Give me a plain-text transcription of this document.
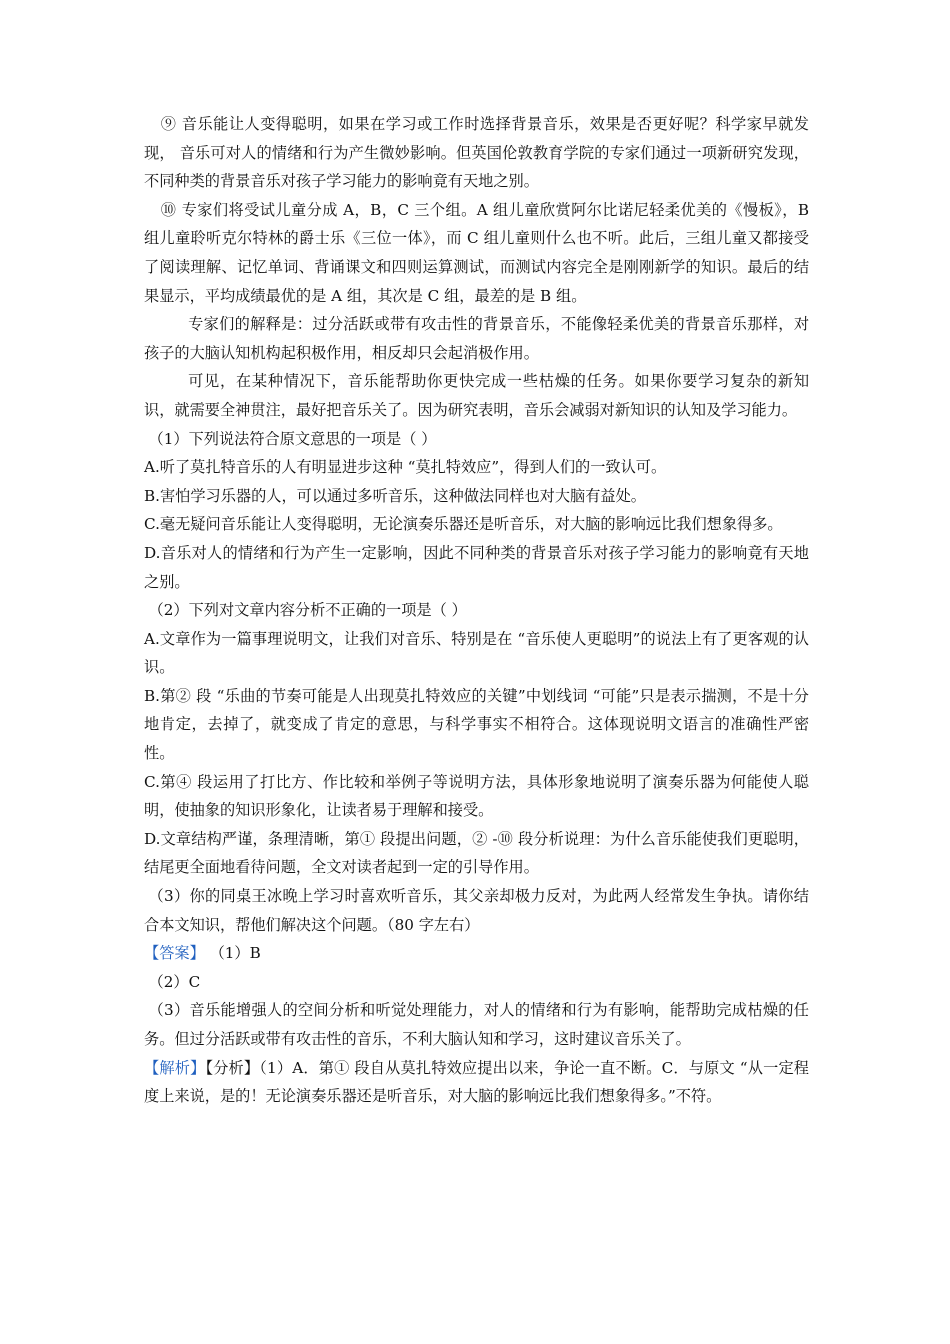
⑨ 音乐能让人变得聪明，如果在学习或工作时选择背景音乐，效果是否更好呢？科学家早就发现， 音乐可对人的情绪和行为产生微妙影响。但英国伦敦教育学院的专家们通过一项新研究发现，不同种类的背景音乐对孩子学习能力的影响竟有天地之别。

⑩ 专家们将受试儿童分成 A，B，C 三个组。A 组儿童欣赏阿尔比诺尼轻柔优美的《慢板》，B 组儿童聆听克尔特林的爵士乐《三位一体》，而 C 组儿童则什么也不听。此后，三组儿童又都接受了阅读理解、记忆单词、背诵课文和四则运算测试，而测试内容完全是刚刚新学的知识。最后的结果显示，平均成绩最优的是 A 组，其次是 C 组，最差的是 B 组。

专家们的解释是：过分活跃或带有攻击性的背景音乐，不能像轻柔优美的背景音乐那样，对孩子的大脑认知机构起积极作用，相反却只会起消极作用。

可见，在某种情况下，音乐能帮助你更快完成一些枯燥的任务。如果你要学习复杂的新知识，就需要全神贯注，最好把音乐关了。因为研究表明，音乐会减弱对新知识的认知及学习能力。

（1）下列说法符合原文意思的一项是（ ）

A.听了莫扎特音乐的人有明显进步这种 “莫扎特效应”，得到人们的一致认可。

B.害怕学习乐器的人，可以通过多听音乐，这种做法同样也对大脑有益处。

C.毫无疑问音乐能让人变得聪明，无论演奏乐器还是听音乐，对大脑的影响远比我们想象得多。

D.音乐对人的情绪和行为产生一定影响，因此不同种类的背景音乐对孩子学习能力的影响竟有天地之别。

（2）下列对文章内容分析不正确的一项是（ ）

A.文章作为一篇事理说明文，让我们对音乐、特别是在 “音乐使人更聪明”的说法上有了更客观的认识。

B.第② 段 “乐曲的节奏可能是人出现莫扎特效应的关键”中划线词 “可能”只是表示揣测，不是十分地肯定，去掉了，就变成了肯定的意思，与科学事实不相符合。这体现说明文语言的准确性严密性。

C.第④ 段运用了打比方、作比较和举例子等说明方法，具体形象地说明了演奏乐器为何能使人聪明，使抽象的知识形象化，让读者易于理解和接受。

D.文章结构严谨，条理清晰，第① 段提出问题，② -⑩ 段分析说理：为什么音乐能使我们更聪明，结尾更全面地看待问题，全文对读者起到一定的引导作用。

（3）你的同桌王冰晚上学习时喜欢听音乐，其父亲却极力反对，为此两人经常发生争执。请你结合本文知识，帮他们解决这个问题。（80 字左右）

【答案】 （1）B

（2）C

（3）音乐能增强人的空间分析和听觉处理能力，对人的情绪和行为有影响，能帮助完成枯燥的任务。但过分活跃或带有攻击性的音乐，不利大脑认知和学习，这时建议音乐关了。

【解析】【分析】（1）A．第① 段自从莫扎特效应提出以来，争论一直不断。C．与原文 “从一定程度上来说，是的！无论演奏乐器还是听音乐，对大脑的影响远比我们想象得多。”不符。
